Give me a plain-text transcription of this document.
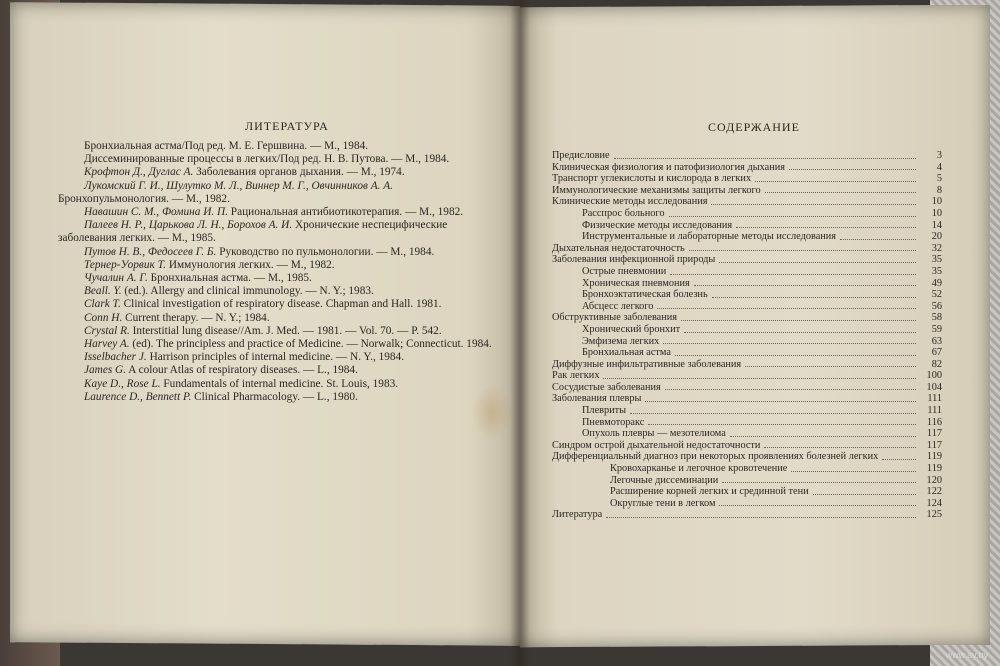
ЛИТЕРАТУРА
Бронхиальная астма/Под ред. М. Е. Гершвина. — М., 1984.
Диссеминированные процессы в легких/Под ред. Н. В. Путова. — М., 1984.
Крофтон Д., Дуглас А. Заболевания органов дыхания. — М., 1974.
Лукомский Г. И., Шулутко М. Л., Виннер М. Г., Овчинников А. А. Бронхопульмонология. — М., 1982.
Навашин С. М., Фомина И. П. Рациональная антибиотикотерапия. — М., 1982.
Палеев Н. Р., Царькова Л. Н., Борохов А. И. Хронические неспецифические заболевания легких. — М., 1985.
Путов Н. В., Федосеев Г. Б. Руководство по пульмонологии. — М., 1984.
Тернер-Уорвик Т. Иммунология легких. — М., 1982.
Чучалин А. Г. Бронхиальная астма. — М., 1985.
Beall. Y. (ed.). Allergy and clinical immunology. — N. Y.; 1983.
Clark T. Clinical investigation of respiratory disease. Chapman and Hall. 1981.
Conn H. Current therapy. — N. Y.; 1984.
Crystal R. Interstitial lung disease//Am. J. Med. — 1981. — Vol. 70. — P. 542.
Harvey A. (ed). The principless and practice of Medicine. — Norwalk; Connecticut. 1984.
Isselbacher J. Harrison principles of internal medicine. — N. Y., 1984.
James G. A colour Atlas of respiratory diseases. — L., 1984.
Kaye D., Rose L. Fundamentals of internal medicine. St. Louis, 1983.
Laurence D., Bennett P. Clinical Pharmacology. — L., 1980.
СОДЕРЖАНИЕ
Предисловие	3
Клиническая физиология и патофизиология дыхания	4
Транспорт углекислоты и кислорода в легких	5
Иммунологические механизмы защиты легкого	8
Клинические методы исследования	10
Расспрос больного	10
Физические методы исследования	14
Инструментальные и лабораторные методы исследования	20
Дыхательная недостаточность	32
Заболевания инфекционной природы	35
Острые пневмонии	35
Хроническая пневмония	49
Бронхоэктатическая болезнь	52
Абсцесс легкого	56
Обструктивные заболевания	58
Хронический бронхит	59
Эмфизема легких	63
Бронхиальная астма	67
Диффузные инфильтративные заболевания	82
Рак легких	100
Сосудистые заболевания	104
Заболевания плевры	111
Плевриты	111
Пневмоторакс	116
Опухоль плевры — мезотелиома	117
Синдром острой дыхательной недостаточности	117
Дифференциальный диагноз при некоторых проявлениях болезней легких	119
Кровохарканье и легочное кровотечение	119
Легочные диссеминации	120
Расширение корней легких и срединной тени	122
Округлые тени в легком	124
Литература	125
www.ay.by
